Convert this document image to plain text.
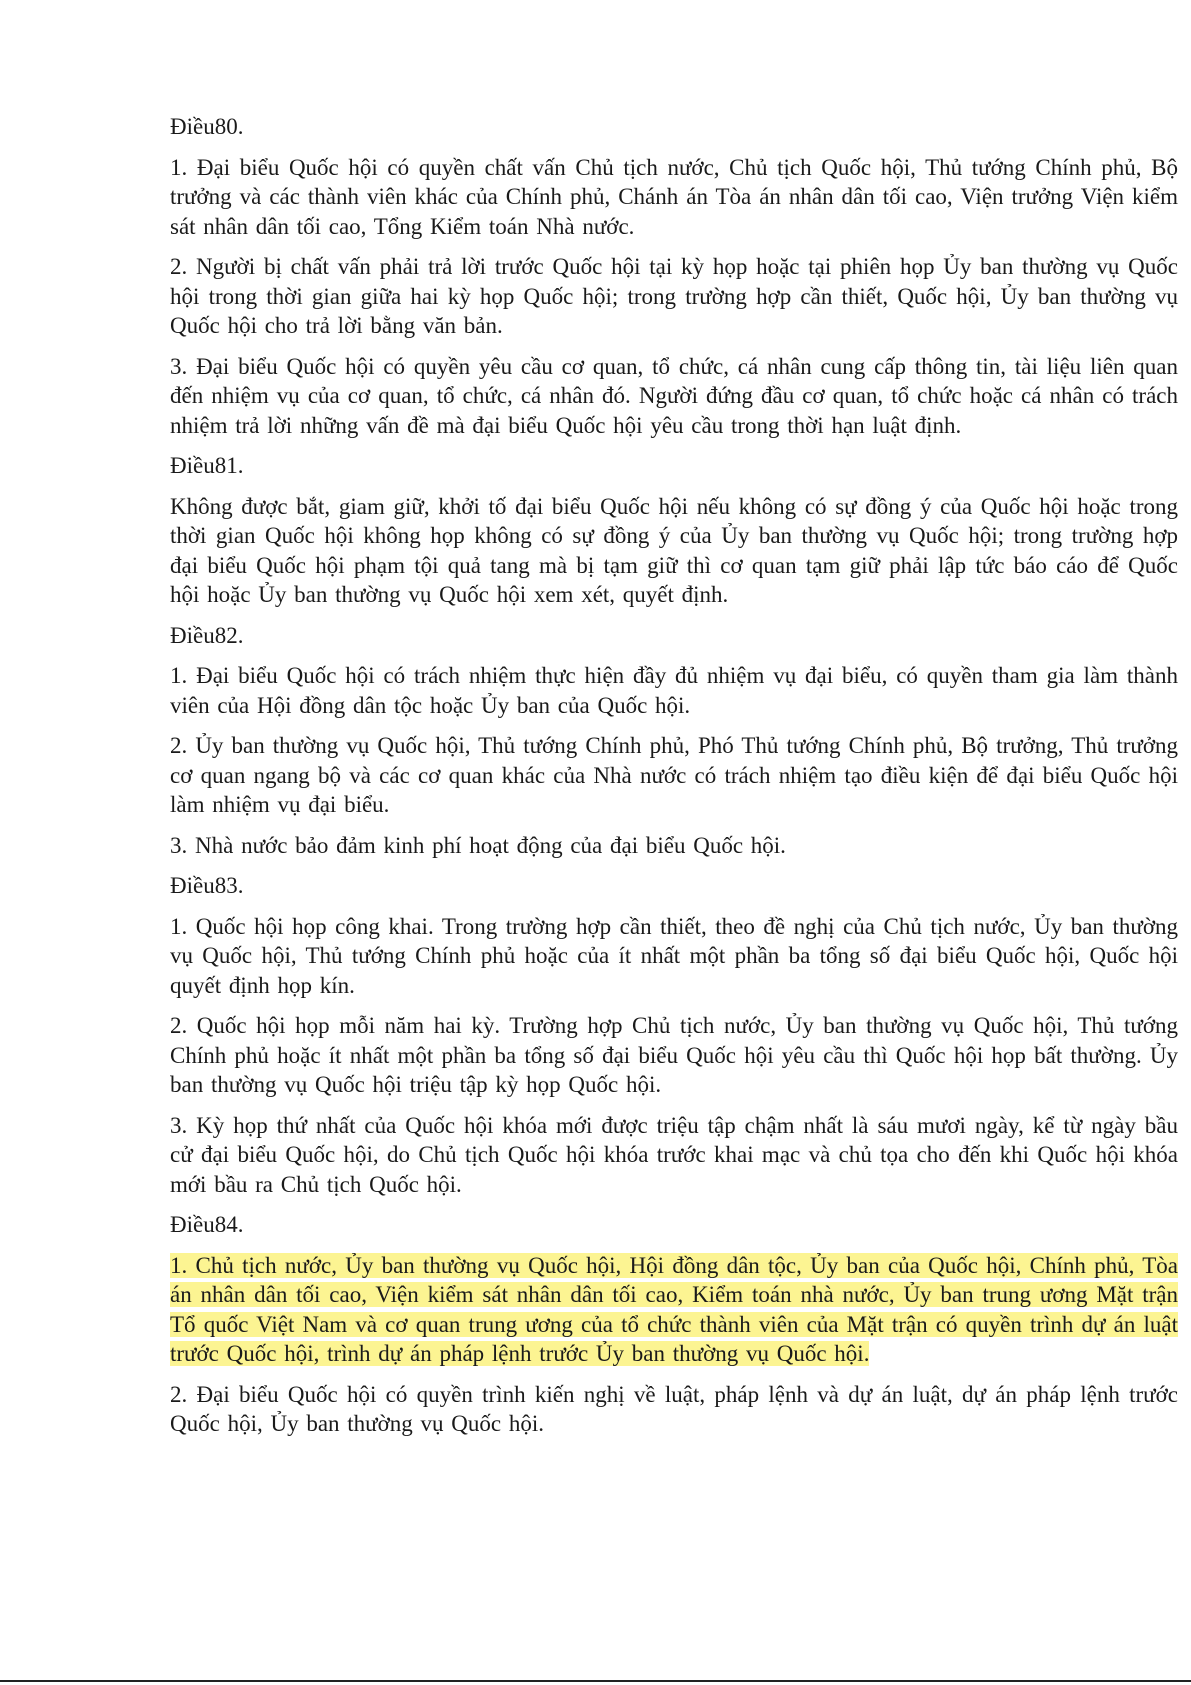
Điều80.
1. Đại biểu Quốc hội có quyền chất vấn Chủ tịch nước, Chủ tịch Quốc hội, Thủ tướng Chính phủ, Bộ trưởng và các thành viên khác của Chính phủ, Chánh án Tòa án nhân dân tối cao, Viện trưởng Viện kiểm sát nhân dân tối cao, Tổng Kiểm toán Nhà nước.
2. Người bị chất vấn phải trả lời trước Quốc hội tại kỳ họp hoặc tại phiên họp Ủy ban thường vụ Quốc hội trong thời gian giữa hai kỳ họp Quốc hội; trong trường hợp cần thiết, Quốc hội, Ủy ban thường vụ Quốc hội cho trả lời bằng văn bản.
3. Đại biểu Quốc hội có quyền yêu cầu cơ quan, tổ chức, cá nhân cung cấp thông tin, tài liệu liên quan đến nhiệm vụ của cơ quan, tổ chức, cá nhân đó. Người đứng đầu cơ quan, tổ chức hoặc cá nhân có trách nhiệm trả lời những vấn đề mà đại biểu Quốc hội yêu cầu trong thời hạn luật định.
Điều81.
Không được bắt, giam giữ, khởi tố đại biểu Quốc hội nếu không có sự đồng ý của Quốc hội hoặc trong thời gian Quốc hội không họp không có sự đồng ý của Ủy ban thường vụ Quốc hội; trong trường hợp đại biểu Quốc hội phạm tội quả tang mà bị tạm giữ thì cơ quan tạm giữ phải lập tức báo cáo để Quốc hội hoặc Ủy ban thường vụ Quốc hội xem xét, quyết định.
Điều82.
1. Đại biểu Quốc hội có trách nhiệm thực hiện đầy đủ nhiệm vụ đại biểu, có quyền tham gia làm thành viên của Hội đồng dân tộc hoặc Ủy ban của Quốc hội.
2. Ủy ban thường vụ Quốc hội, Thủ tướng Chính phủ, Phó Thủ tướng Chính phủ, Bộ trưởng, Thủ trưởng cơ quan ngang bộ và các cơ quan khác của Nhà nước có trách nhiệm tạo điều kiện để đại biểu Quốc hội làm nhiệm vụ đại biểu.
3. Nhà nước bảo đảm kinh phí hoạt động của đại biểu Quốc hội.
Điều83.
1. Quốc hội họp công khai. Trong trường hợp cần thiết, theo đề nghị của Chủ tịch nước, Ủy ban thường vụ Quốc hội, Thủ tướng Chính phủ hoặc của ít nhất một phần ba tổng số đại biểu Quốc hội, Quốc hội quyết định họp kín.
2. Quốc hội họp mỗi năm hai kỳ. Trường hợp Chủ tịch nước, Ủy ban thường vụ Quốc hội, Thủ tướng Chính phủ hoặc ít nhất một phần ba tổng số đại biểu Quốc hội yêu cầu thì Quốc hội họp bất thường. Ủy ban thường vụ Quốc hội triệu tập kỳ họp Quốc hội.
3. Kỳ họp thứ nhất của Quốc hội khóa mới được triệu tập chậm nhất là sáu mươi ngày, kể từ ngày bầu cử đại biểu Quốc hội, do Chủ tịch Quốc hội khóa trước khai mạc và chủ tọa cho đến khi Quốc hội khóa mới bầu ra Chủ tịch Quốc hội.
Điều84.
1. Chủ tịch nước, Ủy ban thường vụ Quốc hội, Hội đồng dân tộc, Ủy ban của Quốc hội, Chính phủ, Tòa án nhân dân tối cao, Viện kiểm sát nhân dân tối cao, Kiểm toán nhà nước, Ủy ban trung ương Mặt trận Tổ quốc Việt Nam và cơ quan trung ương của tổ chức thành viên của Mặt trận có quyền trình dự án luật trước Quốc hội, trình dự án pháp lệnh trước Ủy ban thường vụ Quốc hội.
2. Đại biểu Quốc hội có quyền trình kiến nghị về luật, pháp lệnh và dự án luật, dự án pháp lệnh trước Quốc hội, Ủy ban thường vụ Quốc hội.
